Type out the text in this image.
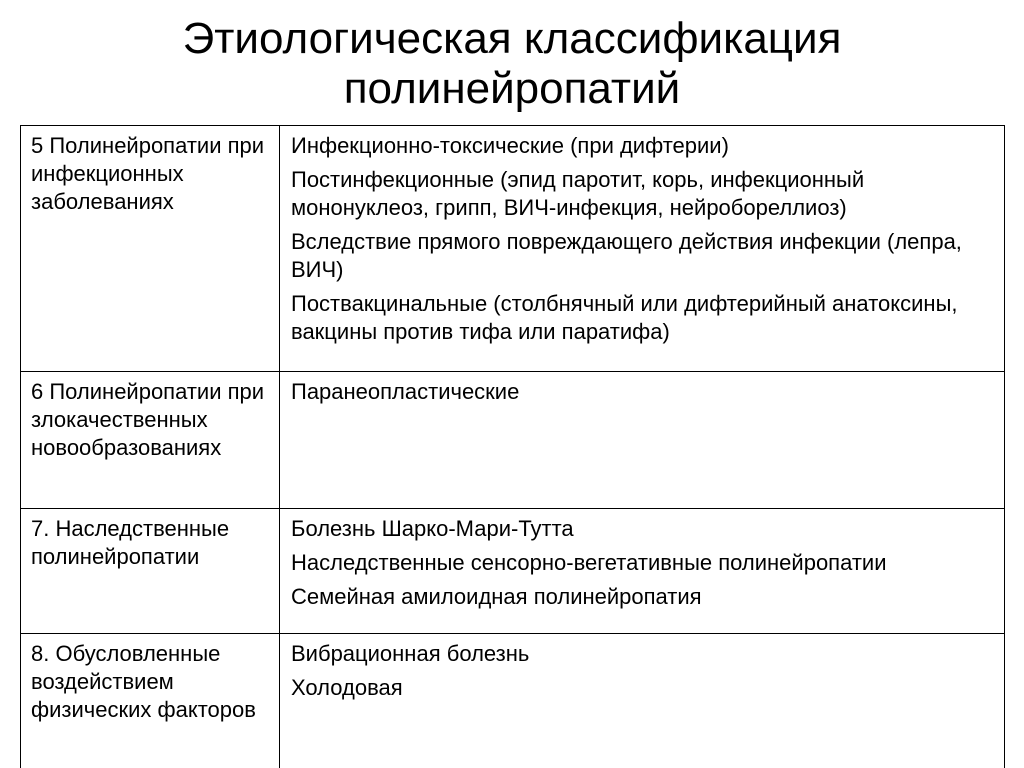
Этиологическая классификация
полинейропатий
5 Полинейропатии при инфекционных заболеваниях	Инфекционно-токсические (при дифтерии)
Постинфекционные (эпид паротит, корь, инфекционный мононуклеоз, грипп, ВИЧ-инфекция, нейробореллиоз)
Вследствие прямого повреждающего действия инфекции (лепра, ВИЧ)
Поствакцинальные (столбнячный или дифтерийный анатоксины, вакцины против тифа или паратифа)

6 Полинейропатии при злокачественных новообразованиях	Паранеопластические

7. Наследственные полинейропатии	Болезнь Шарко-Мари-Тутта
Наследственные сенсорно-вегетативные полинейропатии
Семейная амилоидная полинейропатия

8. Обусловленные воздействием физических факторов	Вибрационная болезнь
Холодовая
